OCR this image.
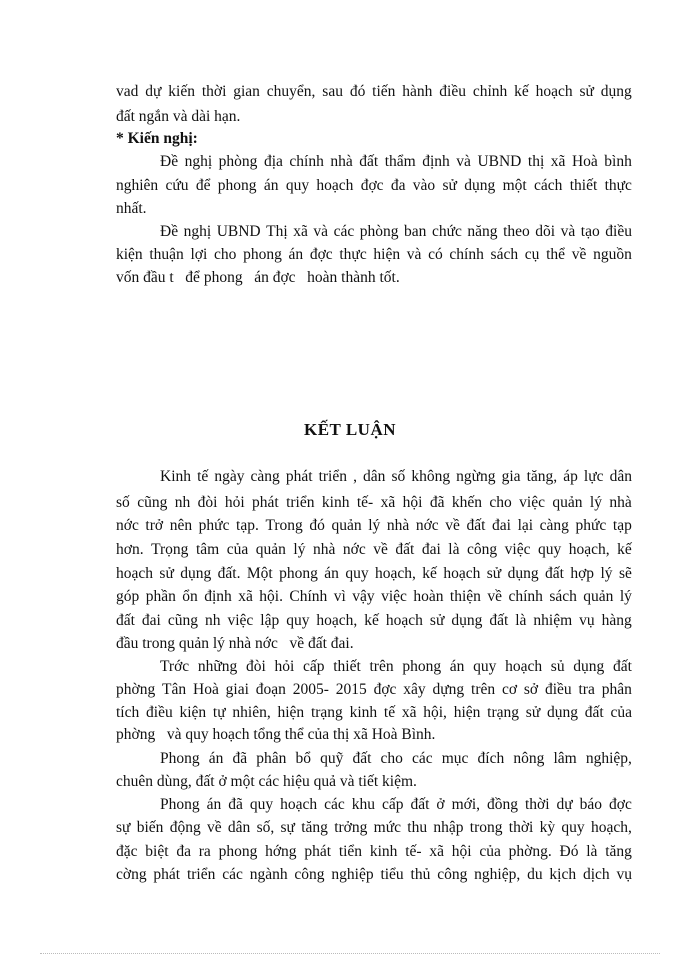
vad dự kiến thời gian chuyển, sau đó tiến hành điều chỉnh kế hoạch sử dụng
đất ngắn và dài hạn.
* Kiến nghị:
Đề nghị phòng địa chính nhà đất thẩm định và UBND thị xã Hoà bình
nghiên cứu để phong án quy hoạch đợc đa vào sử dụng một cách thiết thực
nhất.
Đề nghị UBND Thị xã và các phòng ban chức năng theo dõi và tạo điều
kiện thuận lợi cho phong án đợc thực hiện và có chính sách cụ thể về nguồn
vốn đầu t   để phong   án đợc   hoàn thành tốt.
KẾT LUẬN
Kinh tế ngày càng phát triển , dân số không ngừng gia tăng, áp lực dân
số cũng nh đòi hỏi phát triển kinh tế- xã hội đã khến cho việc quản lý nhà
nớc trở nên phức tạp. Trong đó quản lý nhà nớc về đất đai lại càng phức tạp
hơn. Trọng tâm của quản lý nhà nớc về đất đai là công việc quy hoạch, kế
hoạch sử dụng đất. Một phong án quy hoạch, kế hoạch sử dụng đất hợp lý sẽ
góp phần ổn định xã hội. Chính vì vậy việc hoàn thiện về chính sách quản lý
đất đai cũng nh việc lập quy hoạch, kế hoạch sử dụng đất là nhiệm vụ hàng
đầu trong quản lý nhà nớc   về đất đai.
Trớc những đòi hỏi cấp thiết trên phong án quy hoạch sủ dụng đất
phờng Tân Hoà giai đoạn 2005- 2015 đợc xây dựng trên cơ sở điều tra phân
tích điều kiện tự nhiên, hiện trạng kinh tế xã hội, hiện trạng sử dụng đất của
phờng   và quy hoạch tổng thể của thị xã Hoà Bình.
Phong án đã phân bổ quỹ đất cho các mục đích nông lâm nghiệp,
chuên dùng, đất ở một các hiệu quả và tiết kiệm.
Phong án đã quy hoạch các khu cấp đất ở mới, đồng thời dự báo đợc
sự biến động về dân số, sự tăng trởng mức thu nhập trong thời kỳ quy hoạch,
đặc biệt đa ra phong hớng phát tiển kinh tế- xã hội của phờng. Đó là tăng
cờng phát triển các ngành công nghiệp tiểu thủ công nghiệp, du kịch dịch vụ
